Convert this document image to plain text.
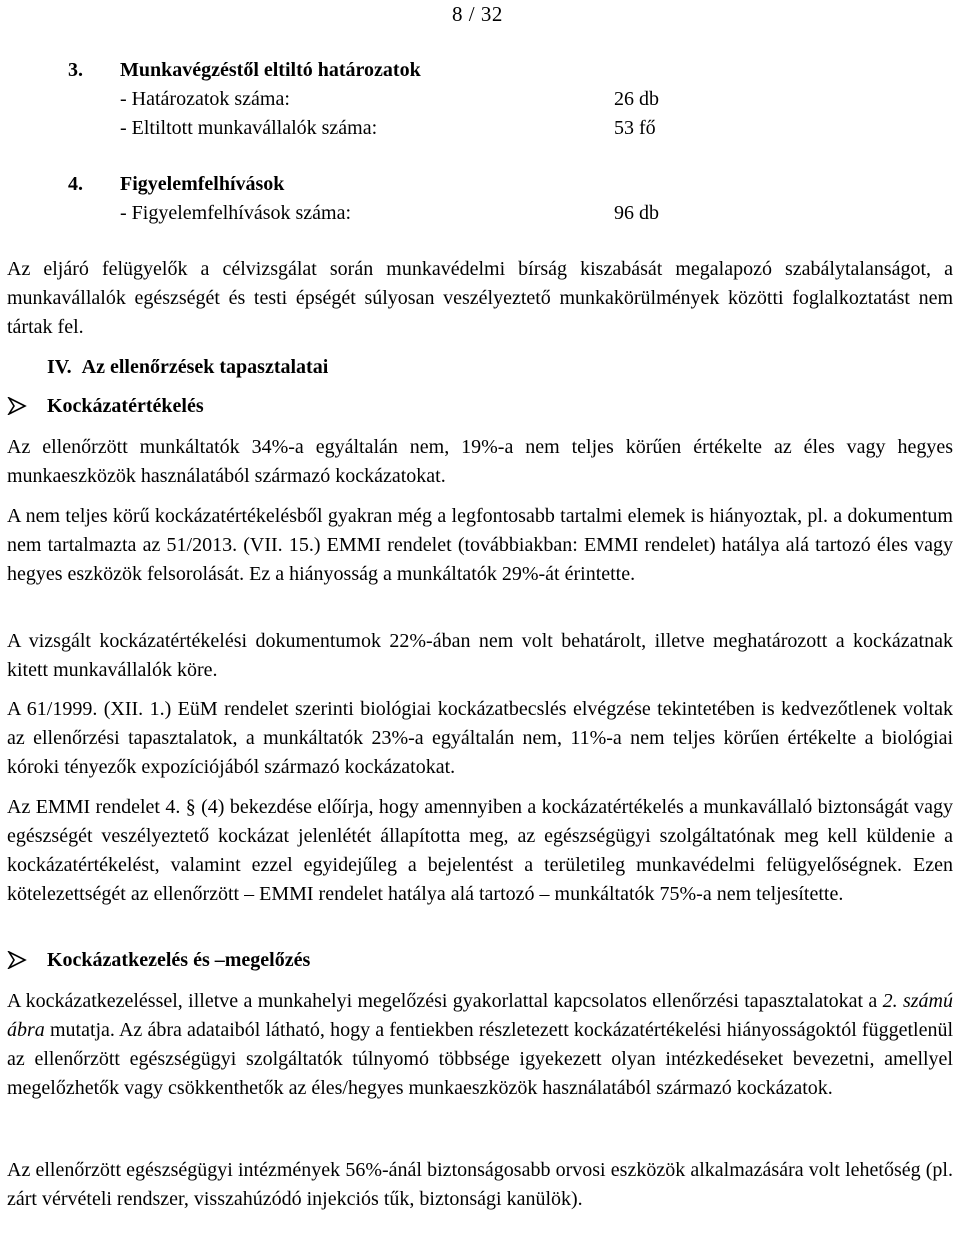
8 / 32
3. Munkavégzéstől eltiltó határozatok
- Határozatok száma:	26 db
- Eltiltott munkavállalók száma:	53 fő
4. Figyelemfelhívások
- Figyelemfelhívások száma:	96 db

Az eljáró felügyelők a célvizsgálat során munkavédelmi bírság kiszabását megalapozó szabálytalanságot, a munkavállalók egészségét és testi épségét súlyosan veszélyeztető munkakörülmények közötti foglalkoztatást nem tártak fel.

IV. Az ellenőrzések tapasztalatai
Kockázatértékelés

Az ellenőrzött munkáltatók 34%-a egyáltalán nem, 19%-a nem teljes körűen értékelte az éles vagy hegyes munkaeszközök használatából származó kockázatokat.

A nem teljes körű kockázatértékelésből gyakran még a legfontosabb tartalmi elemek is hiányoztak, pl. a dokumentum nem tartalmazta az 51/2013. (VII. 15.) EMMI rendelet (továbbiakban: EMMI rendelet) hatálya alá tartozó éles vagy hegyes eszközök felsorolását. Ez a hiányosság a munkáltatók 29%-át érintette.

A vizsgált kockázatértékelési dokumentumok 22%-ában nem volt behatárolt, illetve meghatározott a kockázatnak kitett munkavállalók köre.

A 61/1999. (XII. 1.) EüM rendelet szerinti biológiai kockázatbecslés elvégzése tekintetében is kedvezőtlenek voltak az ellenőrzési tapasztalatok, a munkáltatók 23%-a egyáltalán nem, 11%-a nem teljes körűen értékelte a biológiai kóroki tényezők expozíciójából származó kockázatokat.

Az EMMI rendelet 4. § (4) bekezdése előírja, hogy amennyiben a kockázatértékelés a munkavállaló biztonságát vagy egészségét veszélyeztető kockázat jelenlétét állapította meg, az egészségügyi szolgáltatónak meg kell küldenie a kockázatértékelést, valamint ezzel egyidejűleg a bejelentést a területileg munkavédelmi felügyelőségnek. Ezen kötelezettségét az ellenőrzött – EMMI rendelet hatálya alá tartozó – munkáltatók 75%-a nem teljesítette.

Kockázatkezelés és –megelőzés

A kockázatkezeléssel, illetve a munkahelyi megelőzési gyakorlattal kapcsolatos ellenőrzési tapasztalatokat a 2. számú ábra mutatja. Az ábra adataiból látható, hogy a fentiekben részletezett kockázatértékelési hiányosságoktól függetlenül az ellenőrzött egészségügyi szolgáltatók túlnyomó többsége igyekezett olyan intézkedéseket bevezetni, amellyel megelőzhetők vagy csökkenthetők az éles/hegyes munkaeszközök használatából származó kockázatok.

Az ellenőrzött egészségügyi intézmények 56%-ánál biztonságosabb orvosi eszközök alkalmazására volt lehetőség (pl. zárt vérvételi rendszer, visszahúzódó injekciós tűk, biztonsági kanülök).
